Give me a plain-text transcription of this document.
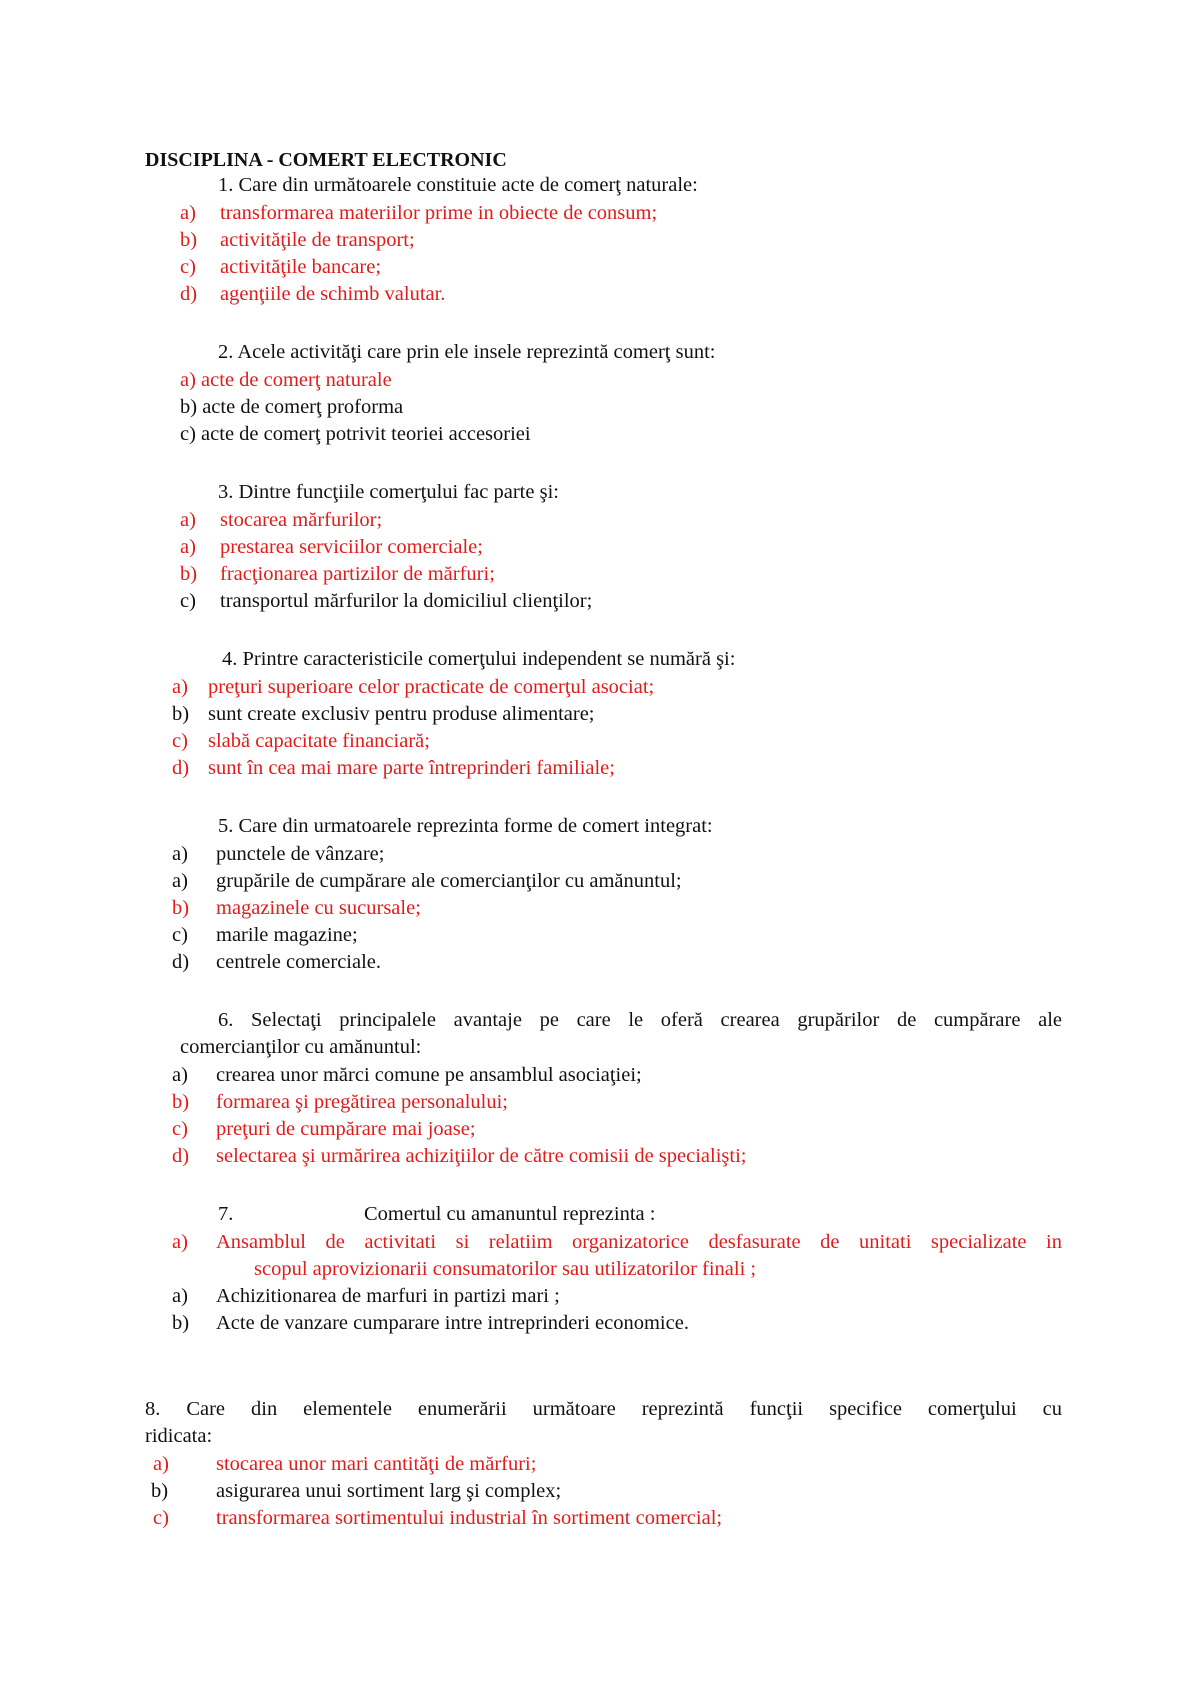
DISCIPLINA - COMERT ELECTRONIC
1. Care din următoarele constituie acte de comerţ naturale:
a) transformarea materiilor prime in obiecte de consum;
b) activităţile de transport;
c) activităţile bancare;
d) agenţiile de schimb valutar.
2. Acele activităţi care prin ele insele reprezintă comerţ sunt:
a) acte de comerţ naturale
b) acte de comerţ proforma
c) acte de comerţ potrivit teoriei accesoriei
3. Dintre funcţiile comerţului fac parte şi:
a) stocarea mărfurilor;
a) prestarea serviciilor comerciale;
b) fracţionarea partizilor de mărfuri;
c) transportul mărfurilor la domiciliul clienţilor;
4. Printre caracteristicile comerţului independent se numără şi:
a) preţuri superioare celor practicate de comerţul asociat;
b) sunt create exclusiv pentru produse alimentare;
c) slabă capacitate financiară;
d) sunt în cea mai mare parte întreprinderi familiale;
5. Care din urmatoarele reprezinta forme de comert integrat:
a) punctele de vânzare;
a) grupările de cumpărare ale comercianţilor cu amănuntul;
b) magazinele cu sucursale;
c) marile magazine;
d) centrele comerciale.
6. Selectaţi principalele avantaje pe care le oferă crearea grupărilor de cumpărare ale
comercianţilor cu amănuntul:
a) crearea unor mărci comune pe ansamblul asociaţiei;
b) formarea şi pregătirea personalului;
c) preţuri de cumpărare mai joase;
d) selectarea şi urmărirea achiziţiilor de către comisii de specialişti;
7.	Comertul cu amanuntul reprezinta :
a) Ansamblul de activitati si relatiim organizatorice desfasurate de unitati specializate in
scopul aprovizionarii consumatorilor sau utilizatorilor finali ;
a) Achizitionarea de marfuri in partizi mari ;
b) Acte de vanzare cumparare intre intreprinderi economice.
8. Care din elementele enumerării următoare reprezintă funcţii specifice comerţului cu
ridicata:
a) stocarea unor mari cantităţi de mărfuri;
b) asigurarea unui sortiment larg şi complex;
c) transformarea sortimentului industrial în sortiment comercial;
